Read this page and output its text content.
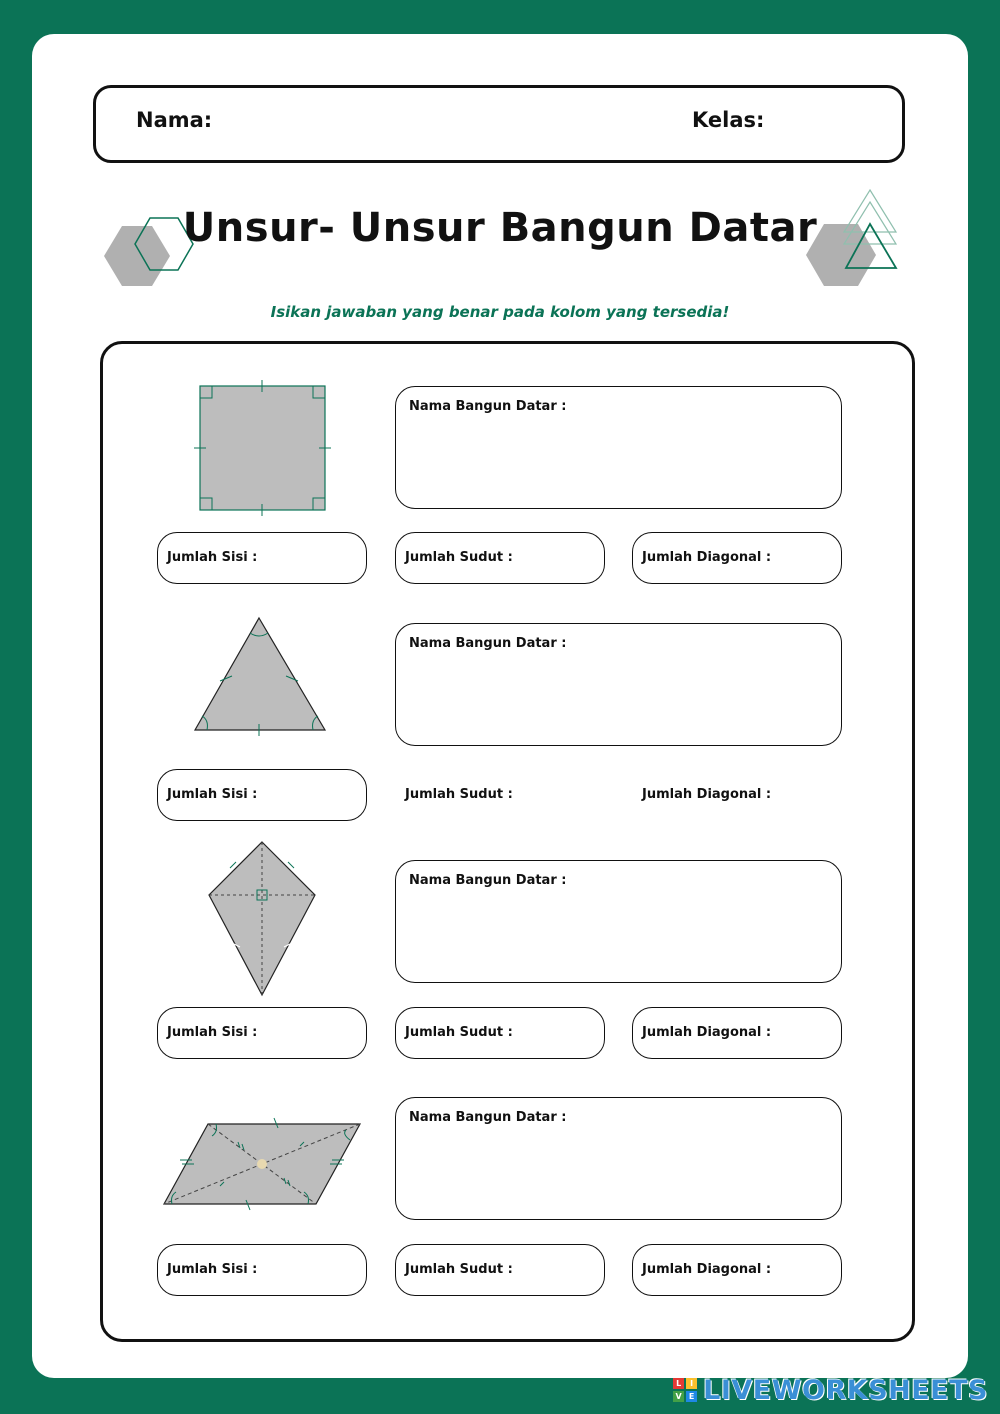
Nama:	Kelas:
Unsur- Unsur Bangun Datar
Isikan jawaban yang benar pada kolom yang tersedia!
Nama Bangun Datar :
Jumlah Sisi :	Jumlah Sudut :	Jumlah Diagonal :
Nama Bangun Datar :
Jumlah Sisi :	Jumlah Sudut :	Jumlah Diagonal :
Nama Bangun Datar :
Jumlah Sisi :	Jumlah Sudut :	Jumlah Diagonal :
Nama Bangun Datar :
Jumlah Sisi :	Jumlah Sudut :	Jumlah Diagonal :
L	I
V E LIVEWORKSHEETS
